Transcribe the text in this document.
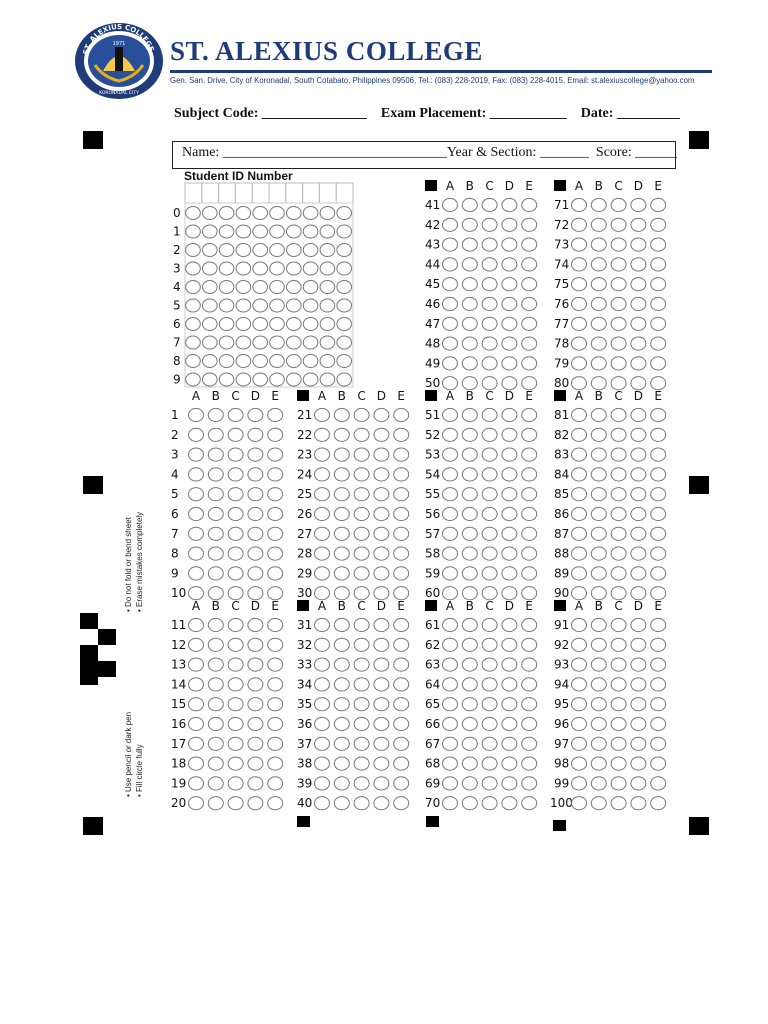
ST. ALEXIUS COLLEGE
1971
KORONADAL CITY
ST. ALEXIUS COLLEGE
Gen. San. Drive, City of Koronadal, South Cotabato, Philippines 09506, Tel.: (083) 228-2019, Fax: (083) 228-4015, Email: st.alexiuscollege@yahoo.com
Subject Code: _______________ Exam Placement: ___________ Date: _________
Name: ________________________________Year & Section: _______ Score: ______
Student ID Number
• Do not fold or bend sheet • Erase mistakes completely
• Use pencil or dark pen • Fill circle fully
0
1
2
3
4
5
6
7
8
9
A B C D E
41
42
43
44
45
46
47
48
49
50
A B C D E
71
72
73
74
75
76
77
78
79
80
A B C D E
1
2
3
4
5
6
7
8
9
10
A B C D E
21
22
23
24
25
26
27
28
29
30
A B C D E
51
52
53
54
55
56
57
58
59
60
A B C D E
81
82
83
84
85
86
87
88
89
90
A B C D E
11
12
13
14
15
16
17
18
19
20
A B C D E
31
32
33
34
35
36
37
38
39
40
A B C D E
61
62
63
64
65
66
67
68
69
70
A B C D E
91
92
93
94
95
96
97
98
99
100
